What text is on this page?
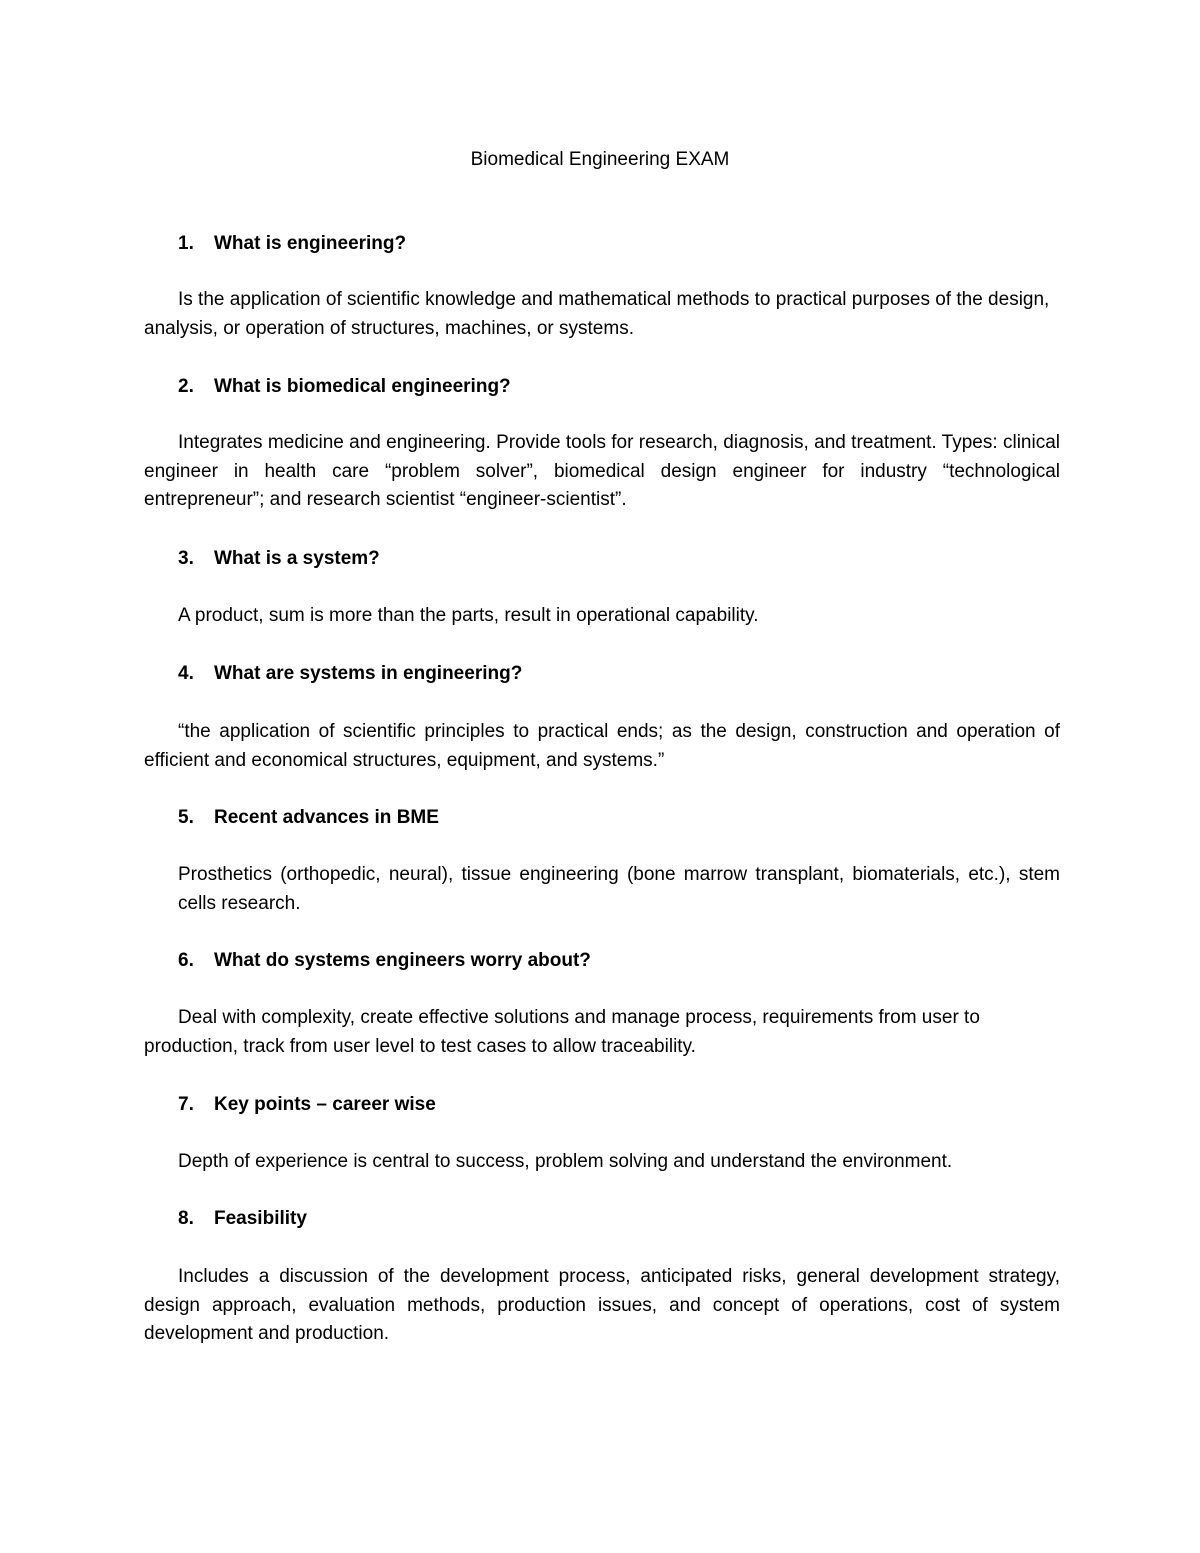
Biomedical Engineering EXAM
1. What is engineering?

Is the application of scientific knowledge and mathematical methods to practical purposes of the design, analysis, or operation of structures, machines, or systems.

2. What is biomedical engineering?

Integrates medicine and engineering. Provide tools for research, diagnosis, and treatment. Types: clinical engineer in health care “problem solver”, biomedical design engineer for industry “technological entrepreneur”; and research scientist “engineer-scientist”.

3. What is a system?

A product, sum is more than the parts, result in operational capability.

4. What are systems in engineering?

“the application of scientific principles to practical ends; as the design, construction and operation of efficient and economical structures, equipment, and systems.”

5. Recent advances in BME

Prosthetics (orthopedic, neural), tissue engineering (bone marrow transplant, biomaterials, etc.), stem cells research.

6. What do systems engineers worry about?

Deal with complexity, create effective solutions and manage process, requirements from user to production, track from user level to test cases to allow traceability.

7. Key points – career wise

Depth of experience is central to success, problem solving and understand the environment.

8. Feasibility

Includes a discussion of the development process, anticipated risks, general development strategy, design approach, evaluation methods, production issues, and concept of operations, cost of system development and production.
